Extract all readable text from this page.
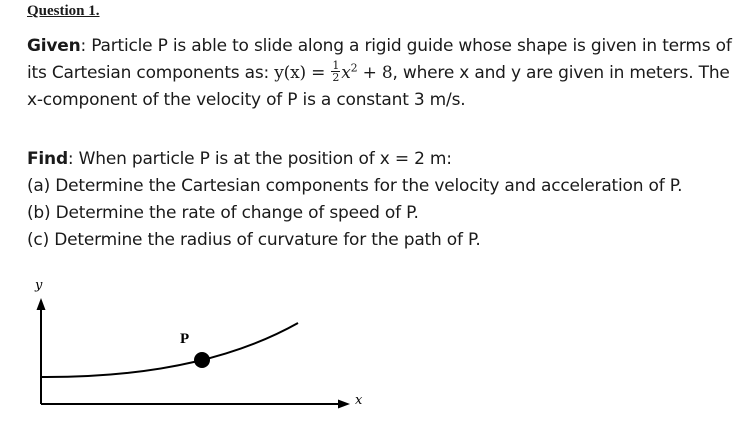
Question 1.
Given: Particle P is able to slide along a rigid guide whose shape is given in terms of its Cartesian components as: $y(x) = \frac{1}{2} x^2 + 8$, where x and y are given in meters. The x-component of the velocity of P is a constant 3 m/s.
Find: When particle P is at the position of x = 2 m:
(a) Determine the Cartesian components for the velocity and acceleration of P.
(b) Determine the rate of change of speed of P.
(c) Determine the radius of curvature for the path of P.
y
x
P
